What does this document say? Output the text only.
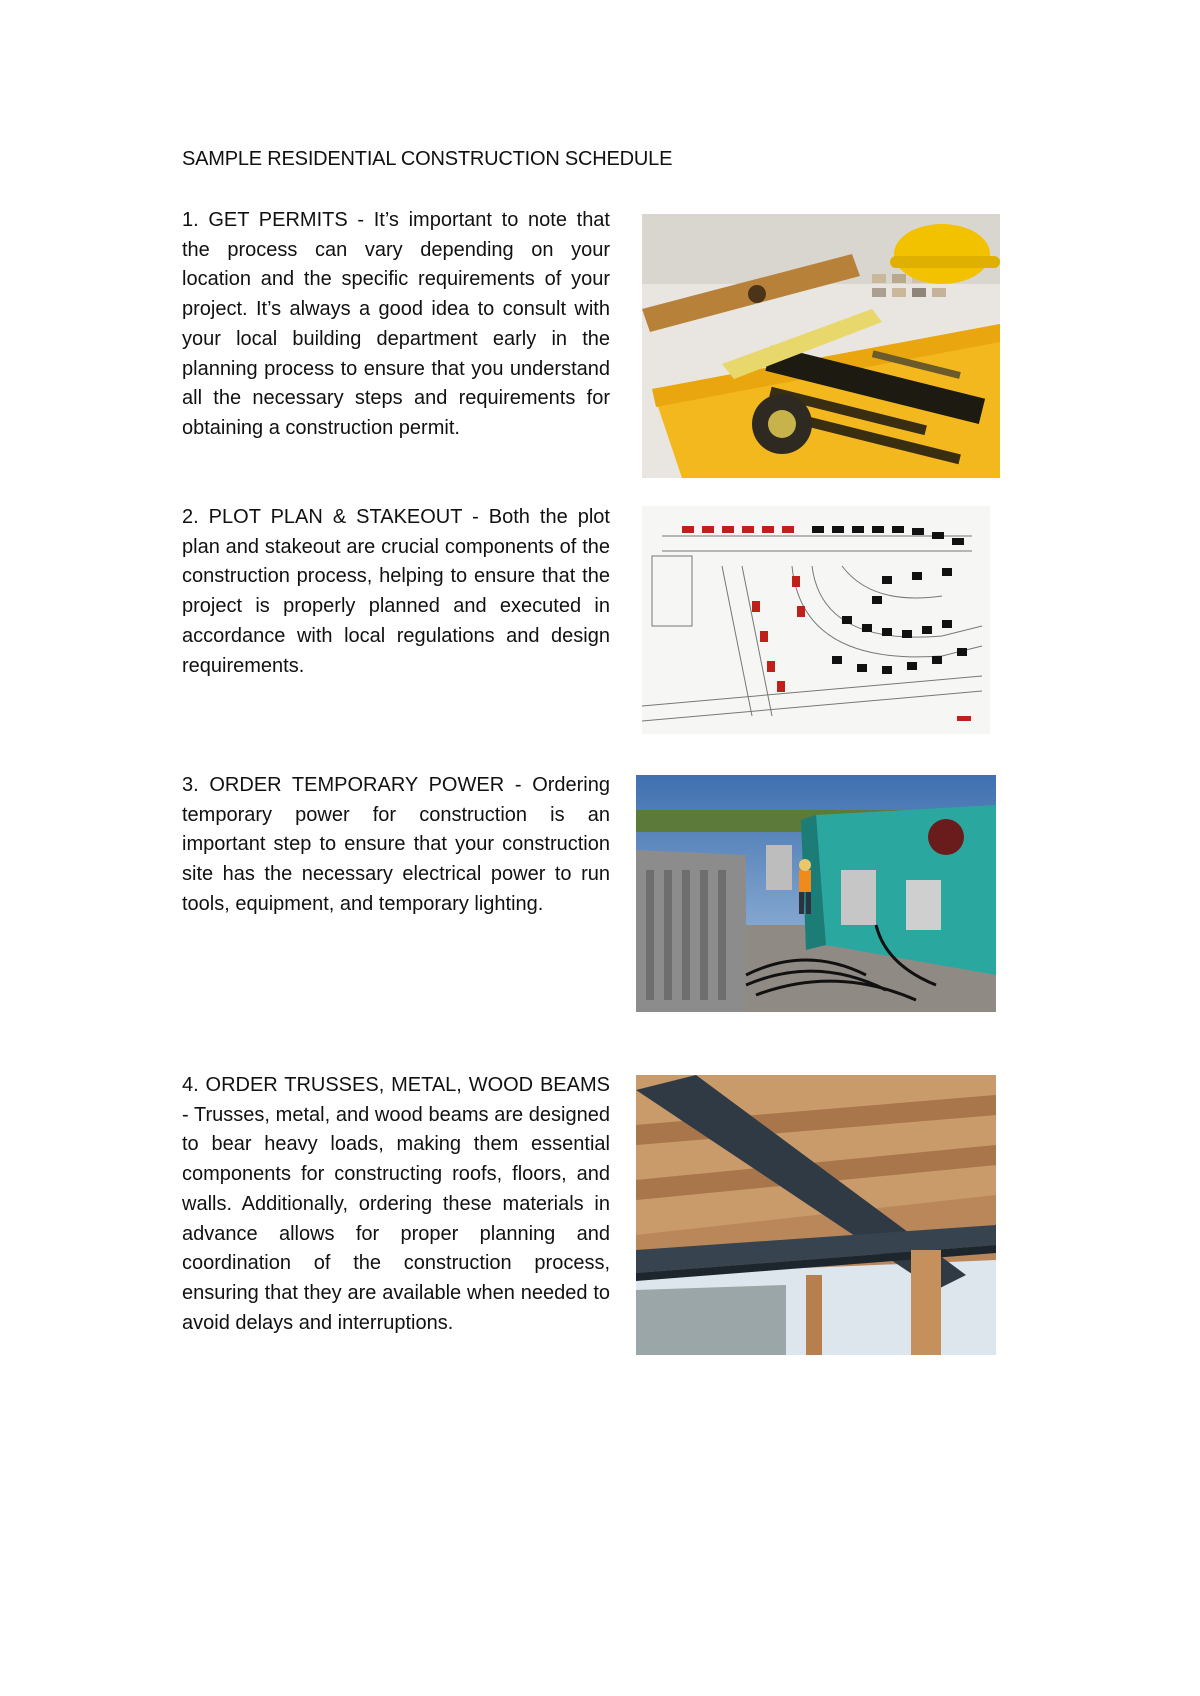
SAMPLE RESIDENTIAL CONSTRUCTION SCHEDULE

1. GET PERMITS - It’s important to note that the process can vary depending on your location and the specific requirements of your project. It’s always a good idea to consult with your local building department early in the planning process to ensure that you understand all the necessary steps and requirements for obtaining a construction permit.

2. PLOT PLAN & STAKEOUT - Both the plot plan and stakeout are crucial components of the construction process, helping to ensure that the project is properly planned and executed in accordance with local regulations and design requirements.

3. ORDER TEMPORARY POWER - Ordering temporary power for construction is an important step to ensure that your construction site has the necessary electrical power to run tools, equipment, and temporary lighting.

4. ORDER TRUSSES, METAL, WOOD BEAMS - Trusses, metal, and wood beams are designed to bear heavy loads, making them essential components for constructing roofs, floors, and walls. Additionally, ordering these materials in advance allows for proper planning and coordination of the construction process, ensuring that they are available when needed to avoid delays and interruptions.
